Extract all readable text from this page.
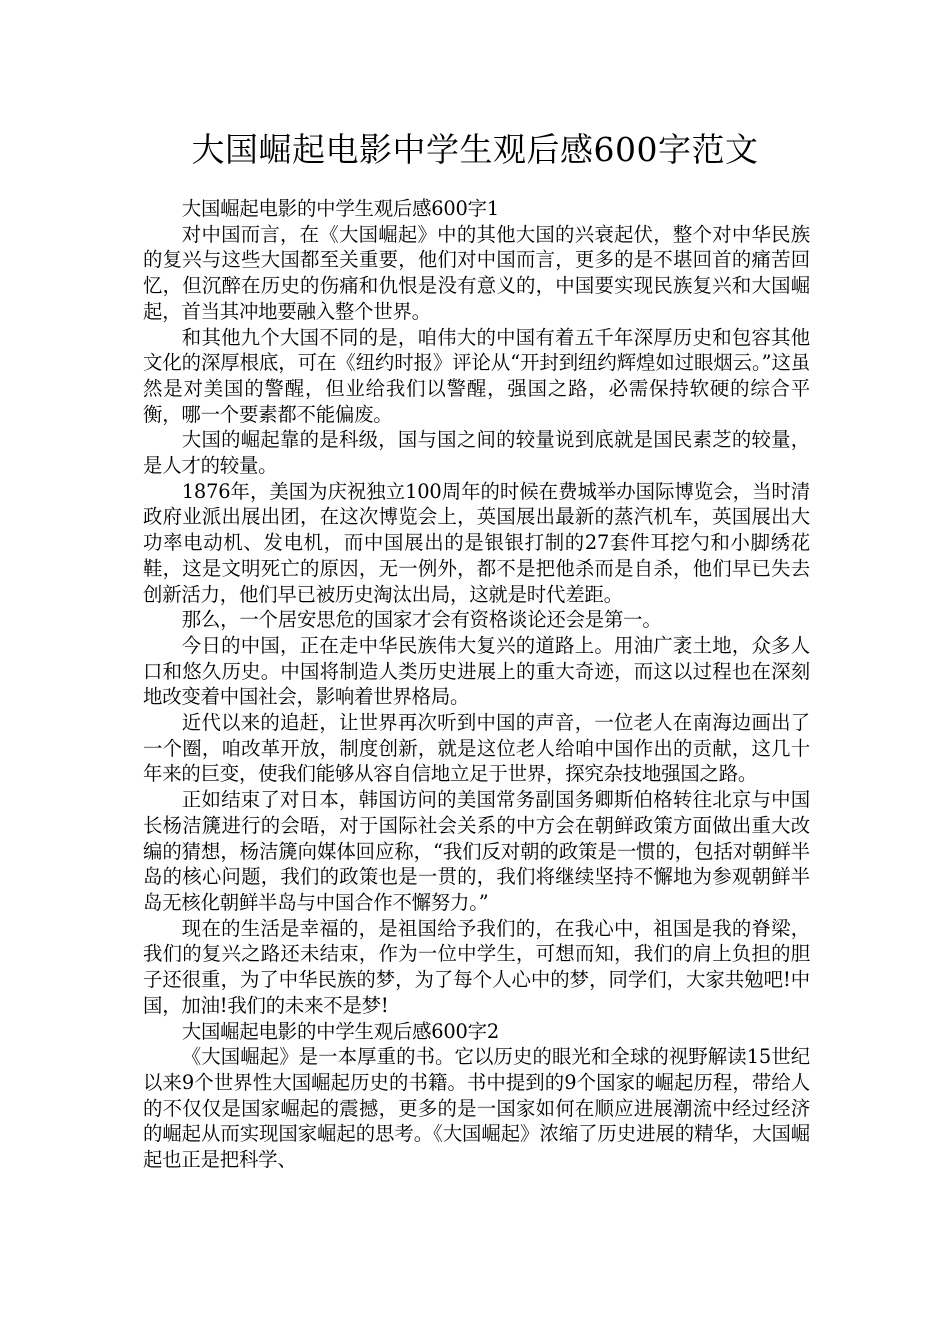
大国崛起电影中学生观后感600字范文

大国崛起电影的中学生观后感600字1

对中国而言，在《大国崛起》中的其他大国的兴衰起伏，整个对中华民族的复兴与这些大国都至关重要，他们对中国而言，更多的是不堪回首的痛苦回忆，但沉醉在历史的伤痛和仇恨是没有意义的，中国要实现民族复兴和大国崛起，首当其冲地要融入整个世界。

和其他九个大国不同的是，咱伟大的中国有着五千年深厚历史和包容其他文化的深厚根底，可在《纽约时报》评论从“开封到纽约辉煌如过眼烟云。”这虽然是对美国的警醒，但业给我们以警醒，强国之路，必需保持软硬的综合平衡，哪一个要素都不能偏废。

大国的崛起靠的是科级，国与国之间的较量说到底就是国民素芝的较量，是人才的较量。

1876年，美国为庆祝独立100周年的时候在费城举办国际博览会，当时清政府业派出展出团，在这次博览会上，英国展出最新的蒸汽机车，英国展出大功率电动机、发电机，而中国展出的是银银打制的27套件耳挖勺和小脚绣花鞋，这是文明死亡的原因，无一例外，都不是把他杀而是自杀，他们早已失去创新活力，他们早已被历史淘汰出局，这就是时代差距。

那么，一个居安思危的国家才会有资格谈论还会是第一。

今日的中国，正在走中华民族伟大复兴的道路上。用油广袤土地，众多人口和悠久历史。中国将制造人类历史进展上的重大奇迹，而这以过程也在深刻地改变着中国社会，影响着世界格局。

近代以来的追赶，让世界再次听到中国的声音，一位老人在南海边画出了一个圈，咱改革开放，制度创新，就是这位老人给咱中国作出的贡献，这几十年来的巨变，使我们能够从容自信地立足于世界，探究杂技地强国之路。

正如结束了对日本，韩国访问的美国常务副国务卿斯伯格转往北京与中国长杨洁篪进行的会晤，对于国际社会关系的中方会在朝鲜政策方面做出重大改编的猜想，杨洁篪向媒体回应称，“我们反对朝的政策是一惯的，包括对朝鲜半岛的核心问题，我们的政策也是一贯的，我们将继续坚持不懈地为参观朝鲜半岛无核化朝鲜半岛与中国合作不懈努力。”

现在的生活是幸福的，是祖国给予我们的，在我心中，祖国是我的脊梁，我们的复兴之路还未结束，作为一位中学生，可想而知，我们的肩上负担的胆子还很重，为了中华民族的梦，为了每个人心中的梦，同学们，大家共勉吧!中国，加油!我们的未来不是梦!

大国崛起电影的中学生观后感600字2

《大国崛起》是一本厚重的书。它以历史的眼光和全球的视野解读15世纪以来9个世界性大国崛起历史的书籍。书中提到的9个国家的崛起历程，带给人的不仅仅是国家崛起的震撼，更多的是一国家如何在顺应进展潮流中经过经济的崛起从而实现国家崛起的思考。《大国崛起》浓缩了历史进展的精华，大国崛起也正是把科学、
